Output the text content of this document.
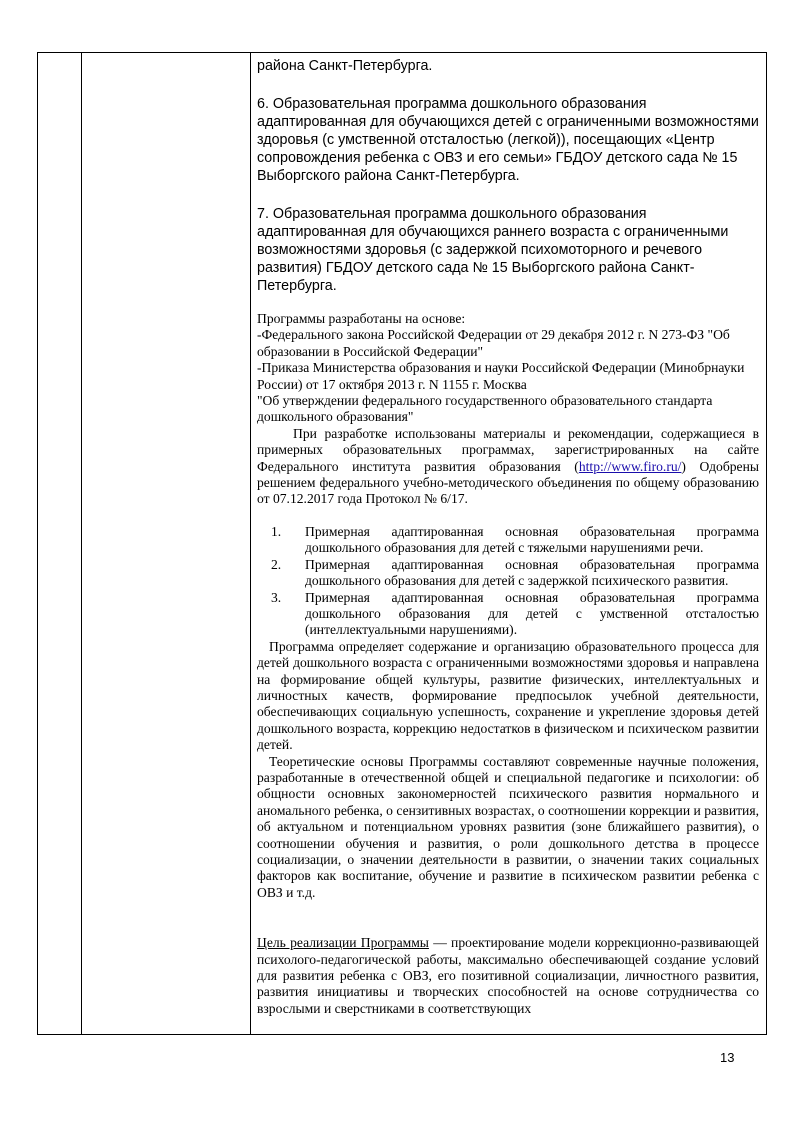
района Санкт-Петербурга.

6. Образовательная программа дошкольного образования адаптированная для обучающихся детей с ограниченными возможностями здоровья (с умственной отсталостью (легкой)), посещающих «Центр сопровождения ребенка с ОВЗ и его семьи» ГБДОУ детского сада № 15 Выборгского района Санкт-Петербурга.

7. Образовательная программа дошкольного образования адаптированная для обучающихся раннего возраста с ограниченными возможностями здоровья (с задержкой психомоторного и речевого развития) ГБДОУ детского сада № 15 Выборгского района Санкт-Петербурга.

Программы разработаны на основе:

-Федерального закона Российской Федерации от 29 декабря 2012 г. N 273-ФЗ "Об образовании в Российской Федерации"

-Приказа Министерства образования и науки Российской Федерации (Минобрнауки России) от 17 октября 2013 г. N 1155 г. Москва

"Об утверждении федерального государственного образовательного стандарта дошкольного образования"

При разработке использованы материалы и рекомендации, содержащиеся в примерных образовательных программах, зарегистрированных на сайте Федерального института развития образования (http://www.firo.ru/) Одобрены решением федерального учебно-методического объединения по общему образованию от 07.12.2017 года Протокол № 6/17.

1. Примерная адаптированная основная образовательная программа дошкольного образования для детей с тяжелыми нарушениями речи.
2. Примерная адаптированная основная образовательная программа дошкольного образования для детей с задержкой психического развития.
3. Примерная адаптированная основная образовательная программа дошкольного образования для детей с умственной отсталостью (интеллектуальными нарушениями).

Программа определяет содержание и организацию образовательного процесса для детей дошкольного возраста с ограниченными возможностями здоровья и направлена на формирование общей культуры, развитие физических, интеллектуальных и личностных качеств, формирование предпосылок учебной деятельности, обеспечивающих социальную успешность, сохранение и укрепление здоровья детей дошкольного возраста, коррекцию недостатков в физическом и психическом развитии детей.

Теоретические основы Программы составляют современные научные положения, разработанные в отечественной общей и специальной педагогике и психологии: об общности основных закономерностей психического развития нормального и аномального ребенка, о сензитивных возрастах, о соотношении коррекции и развития, об актуальном и потенциальном уровнях развития (зоне ближайшего развития), о соотношении обучения и развития, о роли дошкольного детства в процессе социализации, о значении деятельности в развитии, о значении таких социальных факторов как воспитание, обучение и развитие в психическом развитии ребенка с ОВЗ и т.д.

Цель реализации Программы — проектирование модели коррекционно-развивающей психолого-педагогической работы, максимально обеспечивающей создание условий для развития ребенка с ОВЗ, его позитивной социализации, личностного развития, развития инициативы и творческих способностей на основе сотрудничества со взрослыми и сверстниками в соответствующих

13
